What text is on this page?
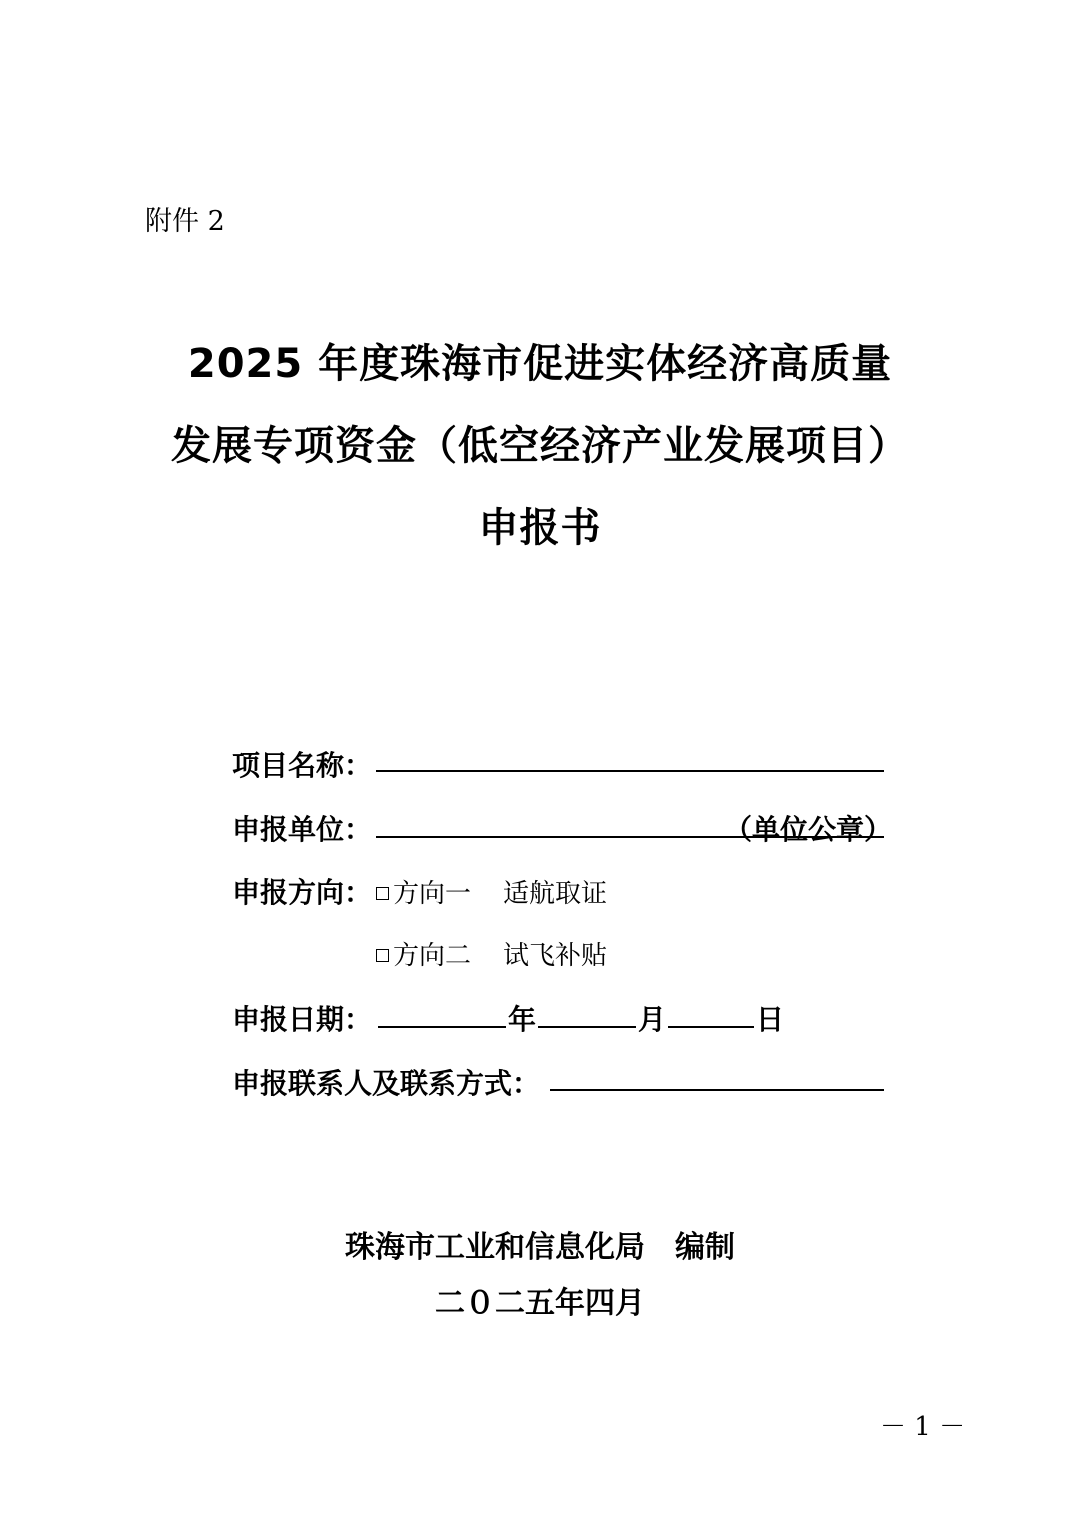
附件 2
2025 年度珠海市促进实体经济高质量
发展专项资金（低空经济产业发展项目）
申报书
项目名称：
申报单位：	（单位公章）
申报方向： 方向一 适航取证
方向二 试飞补贴
申报日期：	年	月	日
申报联系人及联系方式：
珠海市工业和信息化局　编制
二０二五年四月
－ 1 －
